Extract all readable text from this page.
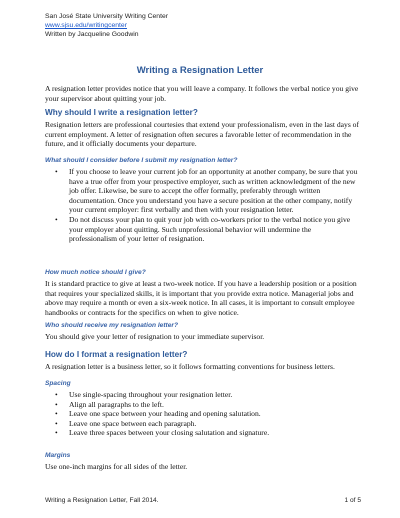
San José State University Writing Center
www.sjsu.edu/writingcenter
Written by Jacqueline Goodwin
Writing a Resignation Letter
A resignation letter provides notice that you will leave a company. It follows the verbal notice you give your supervisor about quitting your job.
Why should I write a resignation letter?
Resignation letters are professional courtesies that extend your professionalism, even in the last days of current employment. A letter of resignation often secures a favorable letter of recommendation in the future, and it officially documents your departure.
What should I consider before I submit my resignation letter?
• If you choose to leave your current job for an opportunity at another company, be sure that you have a true offer from your prospective employer, such as written acknowledgment of the new job offer. Likewise, be sure to accept the offer formally, preferably through written documentation. Once you understand you have a secure position at the other company, notify your current employer: first verbally and then with your resignation letter.
• Do not discuss your plan to quit your job with co-workers prior to the verbal notice you give your employer about quitting. Such unprofessional behavior will undermine the professionalism of your letter of resignation.
How much notice should I give?
It is standard practice to give at least a two-week notice. If you have a leadership position or a position that requires your specialized skills, it is important that you provide extra notice. Managerial jobs and above may require a month or even a six-week notice. In all cases, it is important to consult employee handbooks or contracts for the specifics on when to give notice.
Who should receive my resignation letter?
You should give your letter of resignation to your immediate supervisor.
How do I format a resignation letter?
A resignation letter is a business letter, so it follows formatting conventions for business letters.
Spacing
• Use single-spacing throughout your resignation letter.
• Align all paragraphs to the left.
• Leave one space between your heading and opening salutation.
• Leave one space between each paragraph.
• Leave three spaces between your closing salutation and signature.
Margins
Use one-inch margins for all sides of the letter.
Writing a Resignation Letter, Fall 2014.	1 of 5
